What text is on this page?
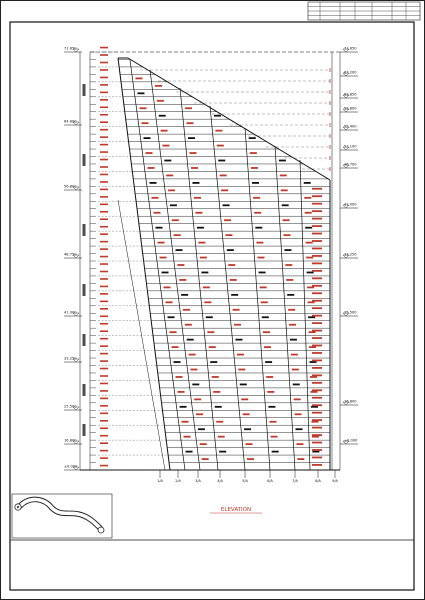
71.650
64.600
56.800
48.750
41.000
33.250
25.500
16.800
±0.000
71.650
67.200
63.850
59.800
55.400
51.100
46.700
41.000
33.250
25.500
16.800
±0.000
1/A	2/A	3/A	4/A	5/A	6/A	7/A	8/A	9/A
ELEVATION
